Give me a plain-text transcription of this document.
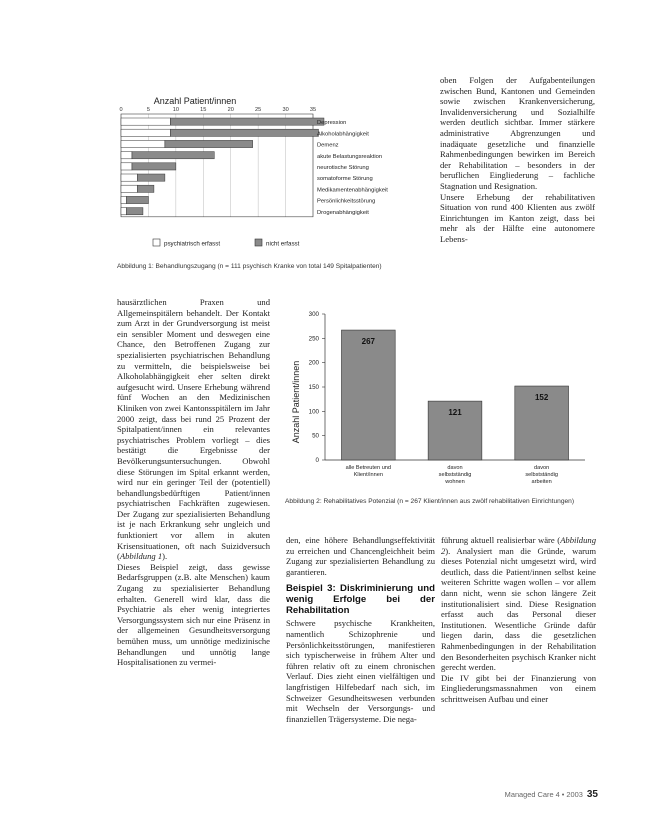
oben Folgen der Aufgabenteilungen zwischen Bund, Kantonen und Gemeinden sowie zwischen Krankenversicherung, Invalidenversicherung und Sozialhilfe werden deutlich sichtbar. Immer stärkere administrative Abgrenzungen und inadäquate gesetzliche und finanzielle Rahmenbedingungen bewirken im Bereich der Rehabilitation – besonders in der beruflichen Eingliederung – fachliche Stagnation und Resignation.

Unsere Erhebung der rehabilitativen Situation von rund 400 Klienten aus zwölf Einrichtungen im Kanton zeigt, dass bei mehr als der Hälfte eine autonomere Lebens-

Anzahl Patient/innen
0	5	10	15	20	25	30	35
Depression
Alkoholabhängigkeit
Demenz
akute Belastungsreaktion
neurotische Störung
somatoforme Störung
Medikamentenabhängigkeit
Persönlichkeitsstörung
Drogenabhängigkeit
psychiatrisch erfasst	nicht erfasst
Abbildung 1: Behandlungszugang (n = 111 psychisch Kranke von total 149 Spitalpatienten)
Anzahl Patient/innen
0
50
100
150
200
250
300
267
121
152
alle Betreuten und Klient/innen
davon selbstständig wohnen
davon selbstständig arbeiten
Abbildung 2: Rehabilitatives Potenzial (n = 267 Klient/innen aus zwölf rehabilitativen Einrichtungen)

hausärztlichen Praxen und Allgemeinspitälern behandelt. Der Kontakt zum Arzt in der Grundversorgung ist meist ein sensibler Moment und deswegen eine Chance, den Betroffenen Zugang zur spezialisierten psychiatrischen Behandlung zu vermitteln, die beispielsweise bei Alkoholabhängigkeit eher selten direkt aufgesucht wird. Unsere Erhebung während fünf Wochen an den Medizinischen Kliniken von zwei Kantonsspitälern im Jahr 2000 zeigt, dass bei rund 25 Prozent der Spitalpatient/innen ein relevantes psychiatrisches Problem vorliegt – dies bestätigt die Ergebnisse der Bevölkerungsuntersuchungen. Obwohl diese Störungen im Spital erkannt werden, wird nur ein geringer Teil der (potentiell) behandlungsbedürftigen Patient/innen psychiatrischen Fachkräften zugewiesen. Der Zugang zur spezialisierten Behandlung ist je nach Erkrankung sehr ungleich und funktioniert vor allem in akuten Krisensituationen, oft nach Suizidversuch (Abbildung 1).

Dieses Beispiel zeigt, dass gewisse Bedarfsgruppen (z.B. alte Menschen) kaum Zugang zu spezialisierter Behandlung erhalten. Generell wird klar, dass die Psychiatrie als eher wenig integriertes Versorgungssystem sich nur eine Präsenz in der allgemeinen Gesundheitsversorgung bemühen muss, um unnötige medizinische Behandlungen und unnötig lange Hospitalisationen zu vermei-

den, eine höhere Behandlungseffektivität zu erreichen und Chancengleichheit beim Zugang zur spezialisierten Behandlung zu garantieren.

Beispiel 3: Diskriminierung und wenig Erfolge bei der Rehabilitation

Schwere psychische Krankheiten, namentlich Schizophrenie und Persönlichkeitsstörungen, manifestieren sich typischerweise in frühem Alter und führen relativ oft zu einem chronischen Verlauf. Dies zieht einen vielfältigen und langfristigen Hilfebedarf nach sich, im Schweizer Gesundheitswesen verbunden mit Wechseln der Versorgungs- und finanziellen Trägersysteme. Die nega-

führung aktuell realisierbar wäre (Abbildung 2). Analysiert man die Gründe, warum dieses Potenzial nicht umgesetzt wird, wird deutlich, dass die Patient/innen selbst keine weiteren Schritte wagen wollen – vor allem dann nicht, wenn sie schon längere Zeit institutionalisiert sind. Diese Resignation erfasst auch das Personal dieser Institutionen. Wesentliche Gründe dafür liegen darin, dass die gesetzlichen Rahmenbedingungen in der Rehabilitation den Besonderheiten psychisch Kranker nicht gerecht werden.

Die IV gibt bei der Finanzierung von Eingliederungsmassnahmen von einem schrittweisen Aufbau und einer

Managed Care 4 • 2003 35
